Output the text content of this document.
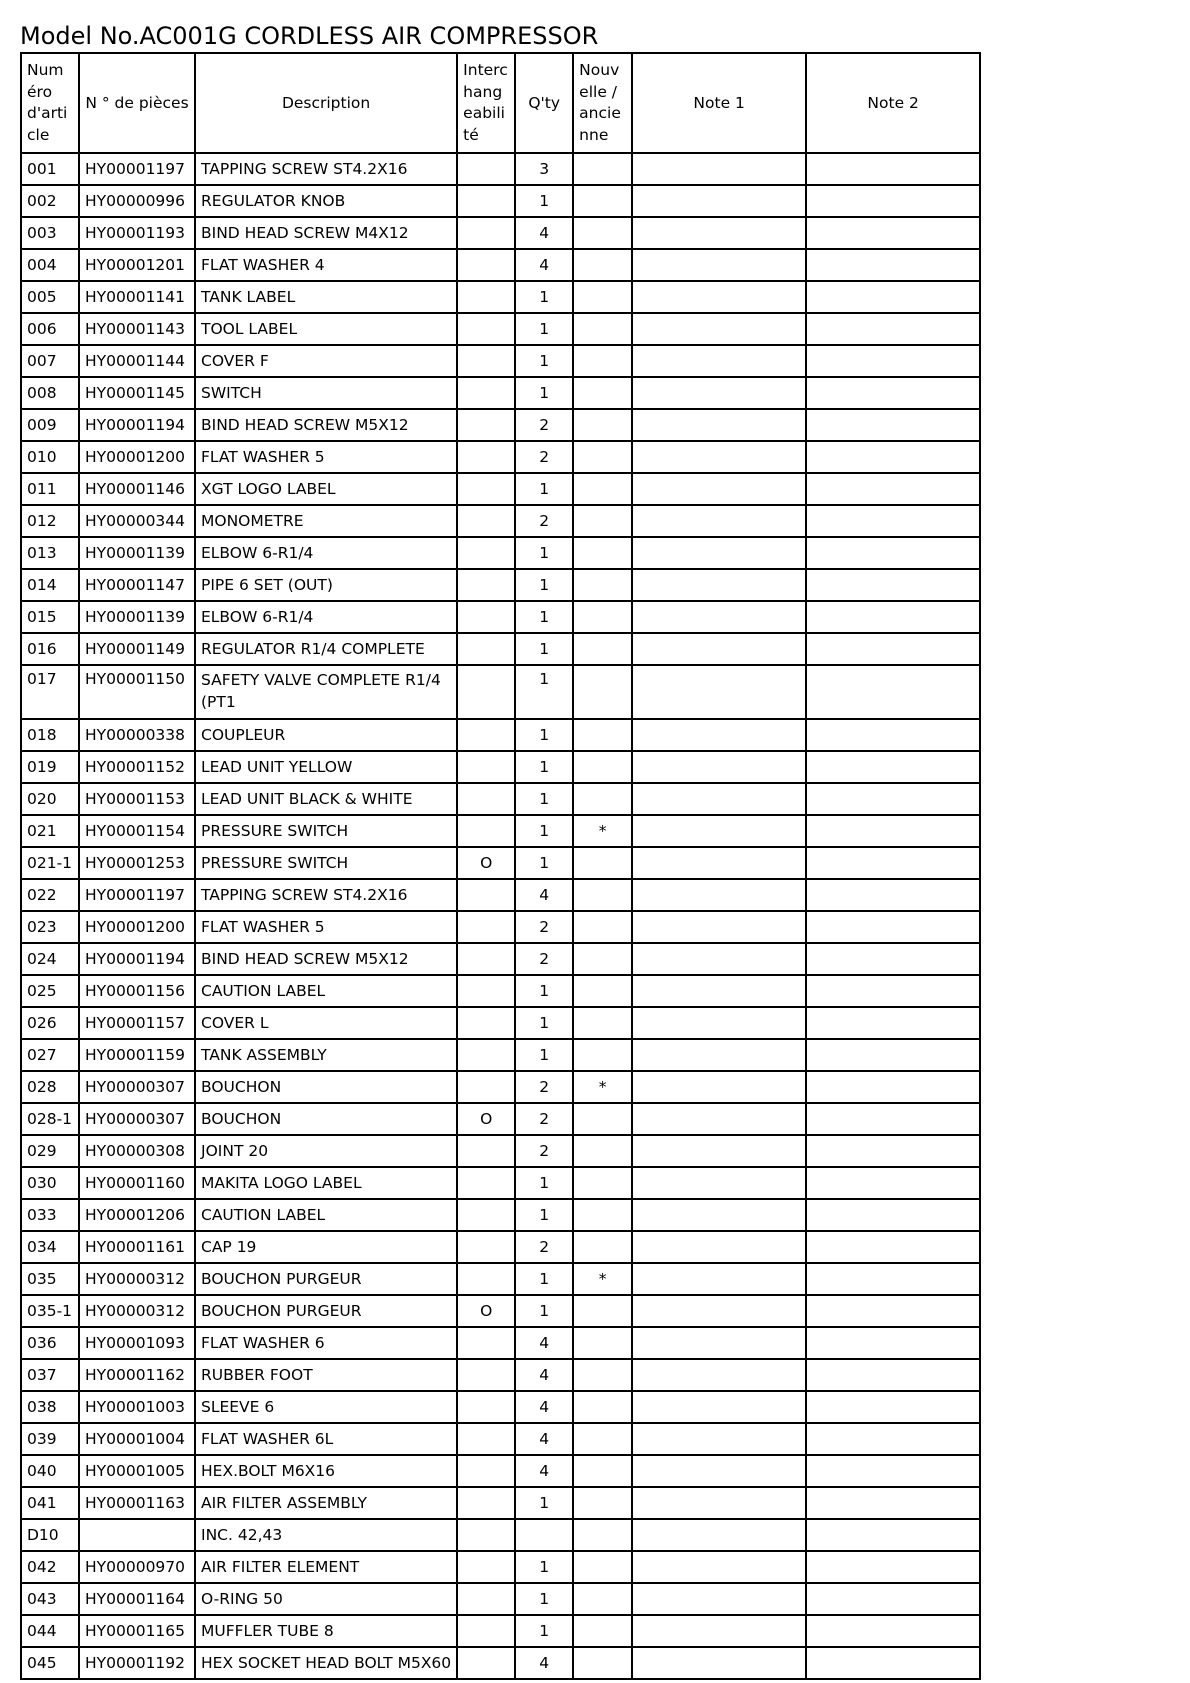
Model No.AC001G CORDLESS AIR COMPRESSOR
Numéro d'article	N ° de pièces	Description	Interchangeabilité	Q'ty	Nouvelle / ancienne	Note 1	Note 2
001	HY00001197	TAPPING SCREW ST4.2X16		3			
002	HY00000996	REGULATOR KNOB		1			
003	HY00001193	BIND HEAD SCREW M4X12		4			
004	HY00001201	FLAT WASHER 4		4			
005	HY00001141	TANK LABEL		1			
006	HY00001143	TOOL LABEL		1			
007	HY00001144	COVER F		1			
008	HY00001145	SWITCH		1			
009	HY00001194	BIND HEAD SCREW M5X12		2			
010	HY00001200	FLAT WASHER 5		2			
011	HY00001146	XGT LOGO LABEL		1			
012	HY00000344	MONOMETRE		2			
013	HY00001139	ELBOW 6-R1/4		1			
014	HY00001147	PIPE 6 SET (OUT)		1			
015	HY00001139	ELBOW 6-R1/4		1			
016	HY00001149	REGULATOR R1/4 COMPLETE		1			
017	HY00001150	SAFETY VALVE COMPLETE R1/4(PT1		1			
018	HY00000338	COUPLEUR		1			
019	HY00001152	LEAD UNIT YELLOW		1			
020	HY00001153	LEAD UNIT BLACK & WHITE		1			
021	HY00001154	PRESSURE SWITCH		1	*		
021-1	HY00001253	PRESSURE SWITCH	O	1			
022	HY00001197	TAPPING SCREW ST4.2X16		4			
023	HY00001200	FLAT WASHER 5		2			
024	HY00001194	BIND HEAD SCREW M5X12		2			
025	HY00001156	CAUTION LABEL		1			
026	HY00001157	COVER L		1			
027	HY00001159	TANK ASSEMBLY		1			
028	HY00000307	BOUCHON		2	*		
028-1	HY00000307	BOUCHON	O	2			
029	HY00000308	JOINT 20		2			
030	HY00001160	MAKITA LOGO LABEL		1			
033	HY00001206	CAUTION LABEL		1			
034	HY00001161	CAP 19		2			
035	HY00000312	BOUCHON PURGEUR		1	*		
035-1	HY00000312	BOUCHON PURGEUR	O	1			
036	HY00001093	FLAT WASHER 6		4			
037	HY00001162	RUBBER FOOT		4			
038	HY00001003	SLEEVE 6		4			
039	HY00001004	FLAT WASHER 6L		4			
040	HY00001005	HEX.BOLT M6X16		4			
041	HY00001163	AIR FILTER ASSEMBLY		1			
D10		INC. 42,43					
042	HY00000970	AIR FILTER ELEMENT		1			
043	HY00001164	O-RING 50		1			
044	HY00001165	MUFFLER TUBE 8		1			
045	HY00001192	HEX SOCKET HEAD BOLT M5X60		4			
